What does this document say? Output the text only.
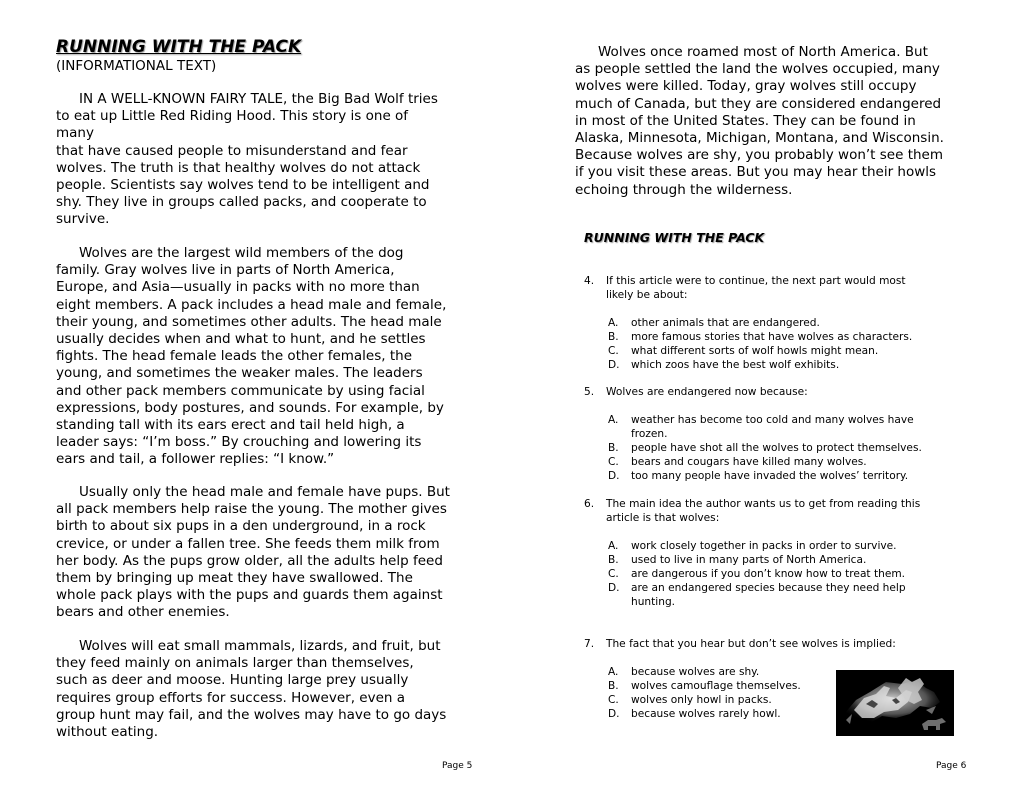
RUNNING WITH THE PACK
(INFORMATIONAL TEXT)
IN A WELL-KNOWN FAIRY TALE, the Big Bad Wolf tries
to eat up Little Red Riding Hood. This story is one of
many
that have caused people to misunderstand and fear
wolves. The truth is that healthy wolves do not attack
people. Scientists say wolves tend to be intelligent and
shy. They live in groups called packs, and cooperate to
survive.
Wolves are the largest wild members of the dog
family. Gray wolves live in parts of North America,
Europe, and Asia—usually in packs with no more than
eight members. A pack includes a head male and female,
their young, and sometimes other adults. The head male
usually decides when and what to hunt, and he settles
fights. The head female leads the other females, the
young, and sometimes the weaker males. The leaders
and other pack members communicate by using facial
expressions, body postures, and sounds. For example, by
standing tall with its ears erect and tail held high, a
leader says: “I’m boss.” By crouching and lowering its
ears and tail, a follower replies: “I know.”
Usually only the head male and female have pups. But
all pack members help raise the young. The mother gives
birth to about six pups in a den underground, in a rock
crevice, or under a fallen tree. She feeds them milk from
her body. As the pups grow older, all the adults help feed
them by bringing up meat they have swallowed. The
whole pack plays with the pups and guards them against
bears and other enemies.
Wolves will eat small mammals, lizards, and fruit, but
they feed mainly on animals larger than themselves,
such as deer and moose. Hunting large prey usually
requires group efforts for success. However, even a
group hunt may fail, and the wolves may have to go days
without eating.
Page 5
Wolves once roamed most of North America. But
as people settled the land the wolves occupied, many
wolves were killed. Today, gray wolves still occupy
much of Canada, but they are considered endangered
in most of the United States. They can be found in
Alaska, Minnesota, Michigan, Montana, and Wisconsin.
Because wolves are shy, you probably won’t see them
if you visit these areas. But you may hear their howls
echoing through the wilderness.
RUNNING WITH THE PACK
4. If this article were to continue, the next part would most
likely be about:
A. other animals that are endangered.
B. more famous stories that have wolves as characters.
C. what different sorts of wolf howls might mean.
D. which zoos have the best wolf exhibits.
5. Wolves are endangered now because:
A. weather has become too cold and many wolves have
frozen.
B. people have shot all the wolves to protect themselves.
C. bears and cougars have killed many wolves.
D. too many people have invaded the wolves’ territory.
6. The main idea the author wants us to get from reading this
article is that wolves:
A. work closely together in packs in order to survive.
B. used to live in many parts of North America.
C. are dangerous if you don’t know how to treat them.
D. are an endangered species because they need help
hunting.
7. The fact that you hear but don’t see wolves is implied:
A. because wolves are shy.
B. wolves camouflage themselves.
C. wolves only howl in packs.
D. because wolves rarely howl.
Page 6
